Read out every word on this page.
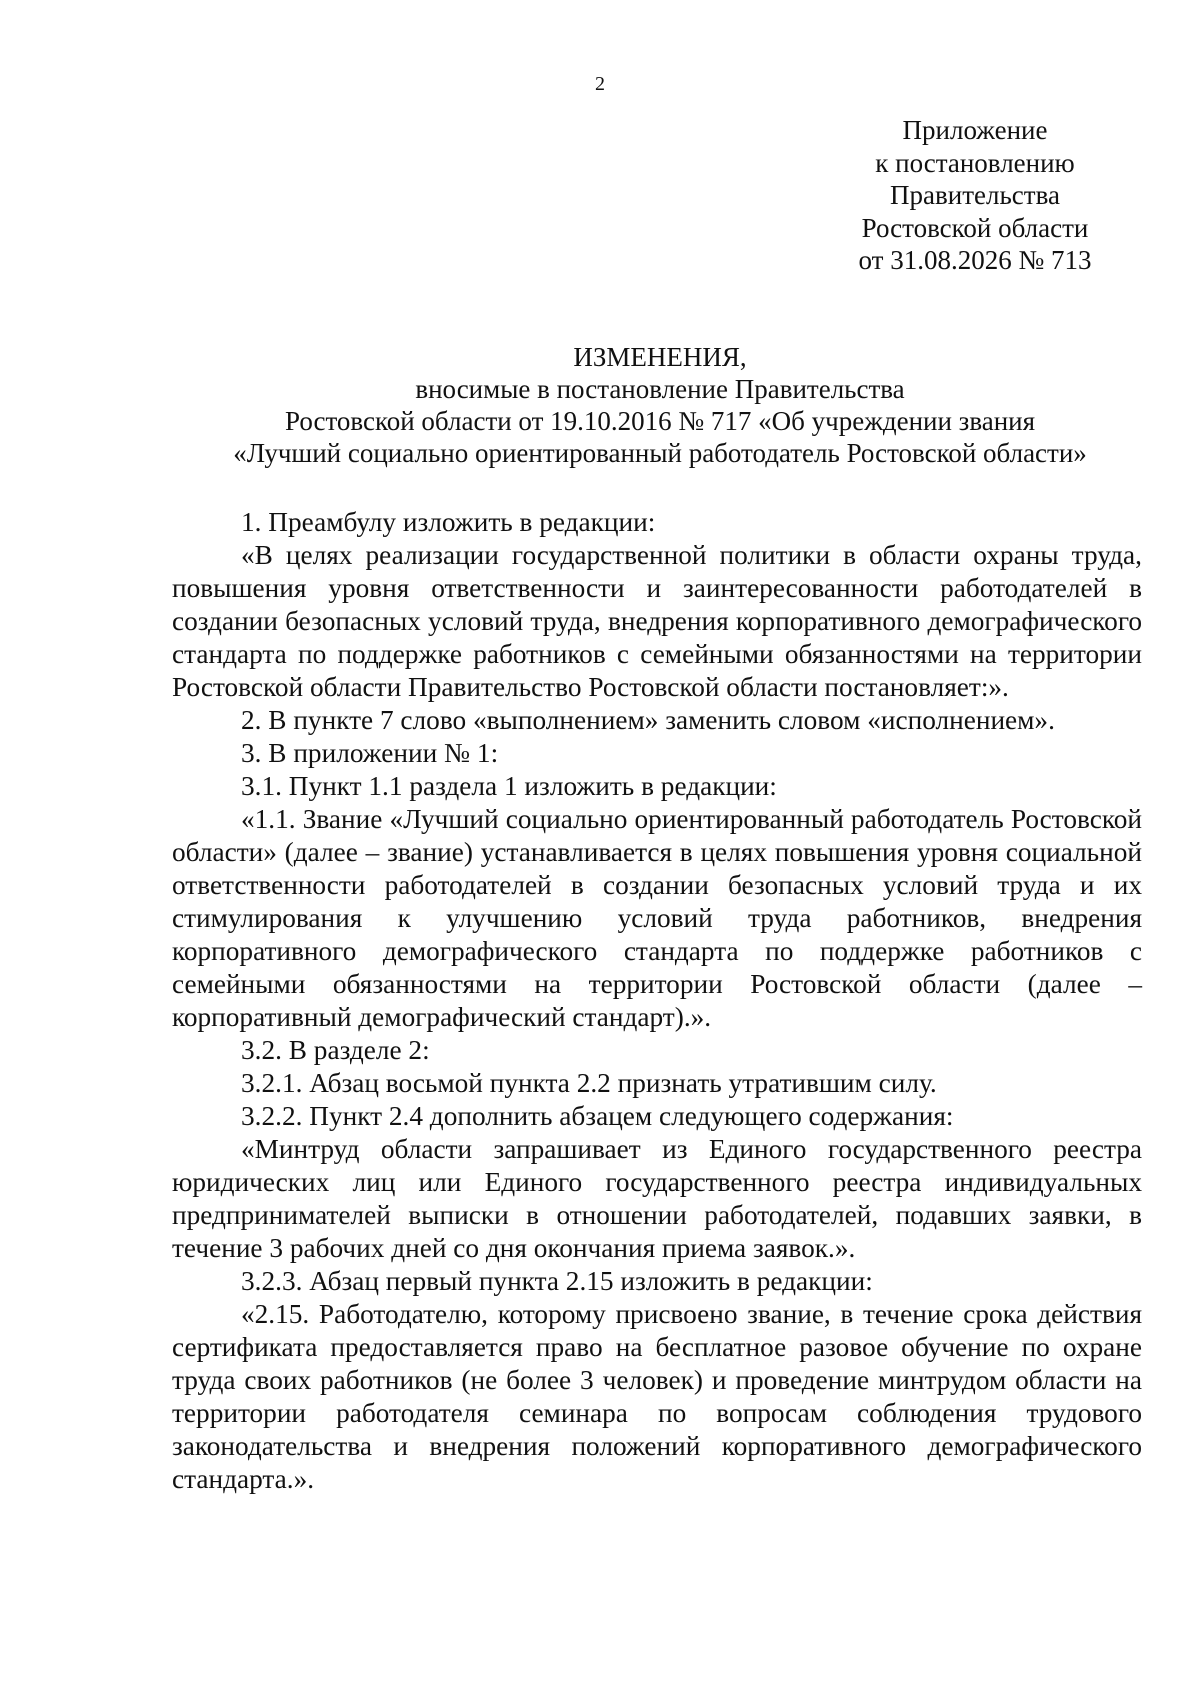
2
Приложение
к постановлению
Правительства
Ростовской области
от 31.08.2026 № 713
ИЗМЕНЕНИЯ,
вносимые в постановление Правительства
Ростовской области от 19.10.2016 № 717 «Об учреждении звания
«Лучший социально ориентированный работодатель Ростовской области»

1. Преамбулу изложить в редакции:

«В целях реализации государственной политики в области охраны труда, повышения уровня ответственности и заинтересованности работодателей в создании безопасных условий труда, внедрения корпоративного демографического стандарта по поддержке работников с семейными обязанностями на территории Ростовской области Правительство Ростовской области постановляет:».

2. В пункте 7 слово «выполнением» заменить словом «исполнением».

3. В приложении № 1:

3.1. Пункт 1.1 раздела 1 изложить в редакции:

«1.1. Звание «Лучший социально ориентированный работодатель Ростовской области» (далее – звание) устанавливается в целях повышения уровня социальной ответственности работодателей в создании безопасных условий труда и их стимулирования к улучшению условий труда работников, внедрения корпоративного демографического стандарта по поддержке работников с семейными обязанностями на территории Ростовской области (далее – корпоративный демографический стандарт).».

3.2. В разделе 2:

3.2.1. Абзац восьмой пункта 2.2 признать утратившим силу.

3.2.2. Пункт 2.4 дополнить абзацем следующего содержания:

«Минтруд области запрашивает из Единого государственного реестра юридических лиц или Единого государственного реестра индивидуальных предпринимателей выписки в отношении работодателей, подавших заявки, в течение 3 рабочих дней со дня окончания приема заявок.».

3.2.3. Абзац первый пункта 2.15 изложить в редакции:

«2.15. Работодателю, которому присвоено звание, в течение срока действия сертификата предоставляется право на бесплатное разовое обучение по охране труда своих работников (не более 3 человек) и проведение минтрудом области на территории работодателя семинара по вопросам соблюдения трудового законодательства и внедрения положений корпоративного демографического стандарта.».
